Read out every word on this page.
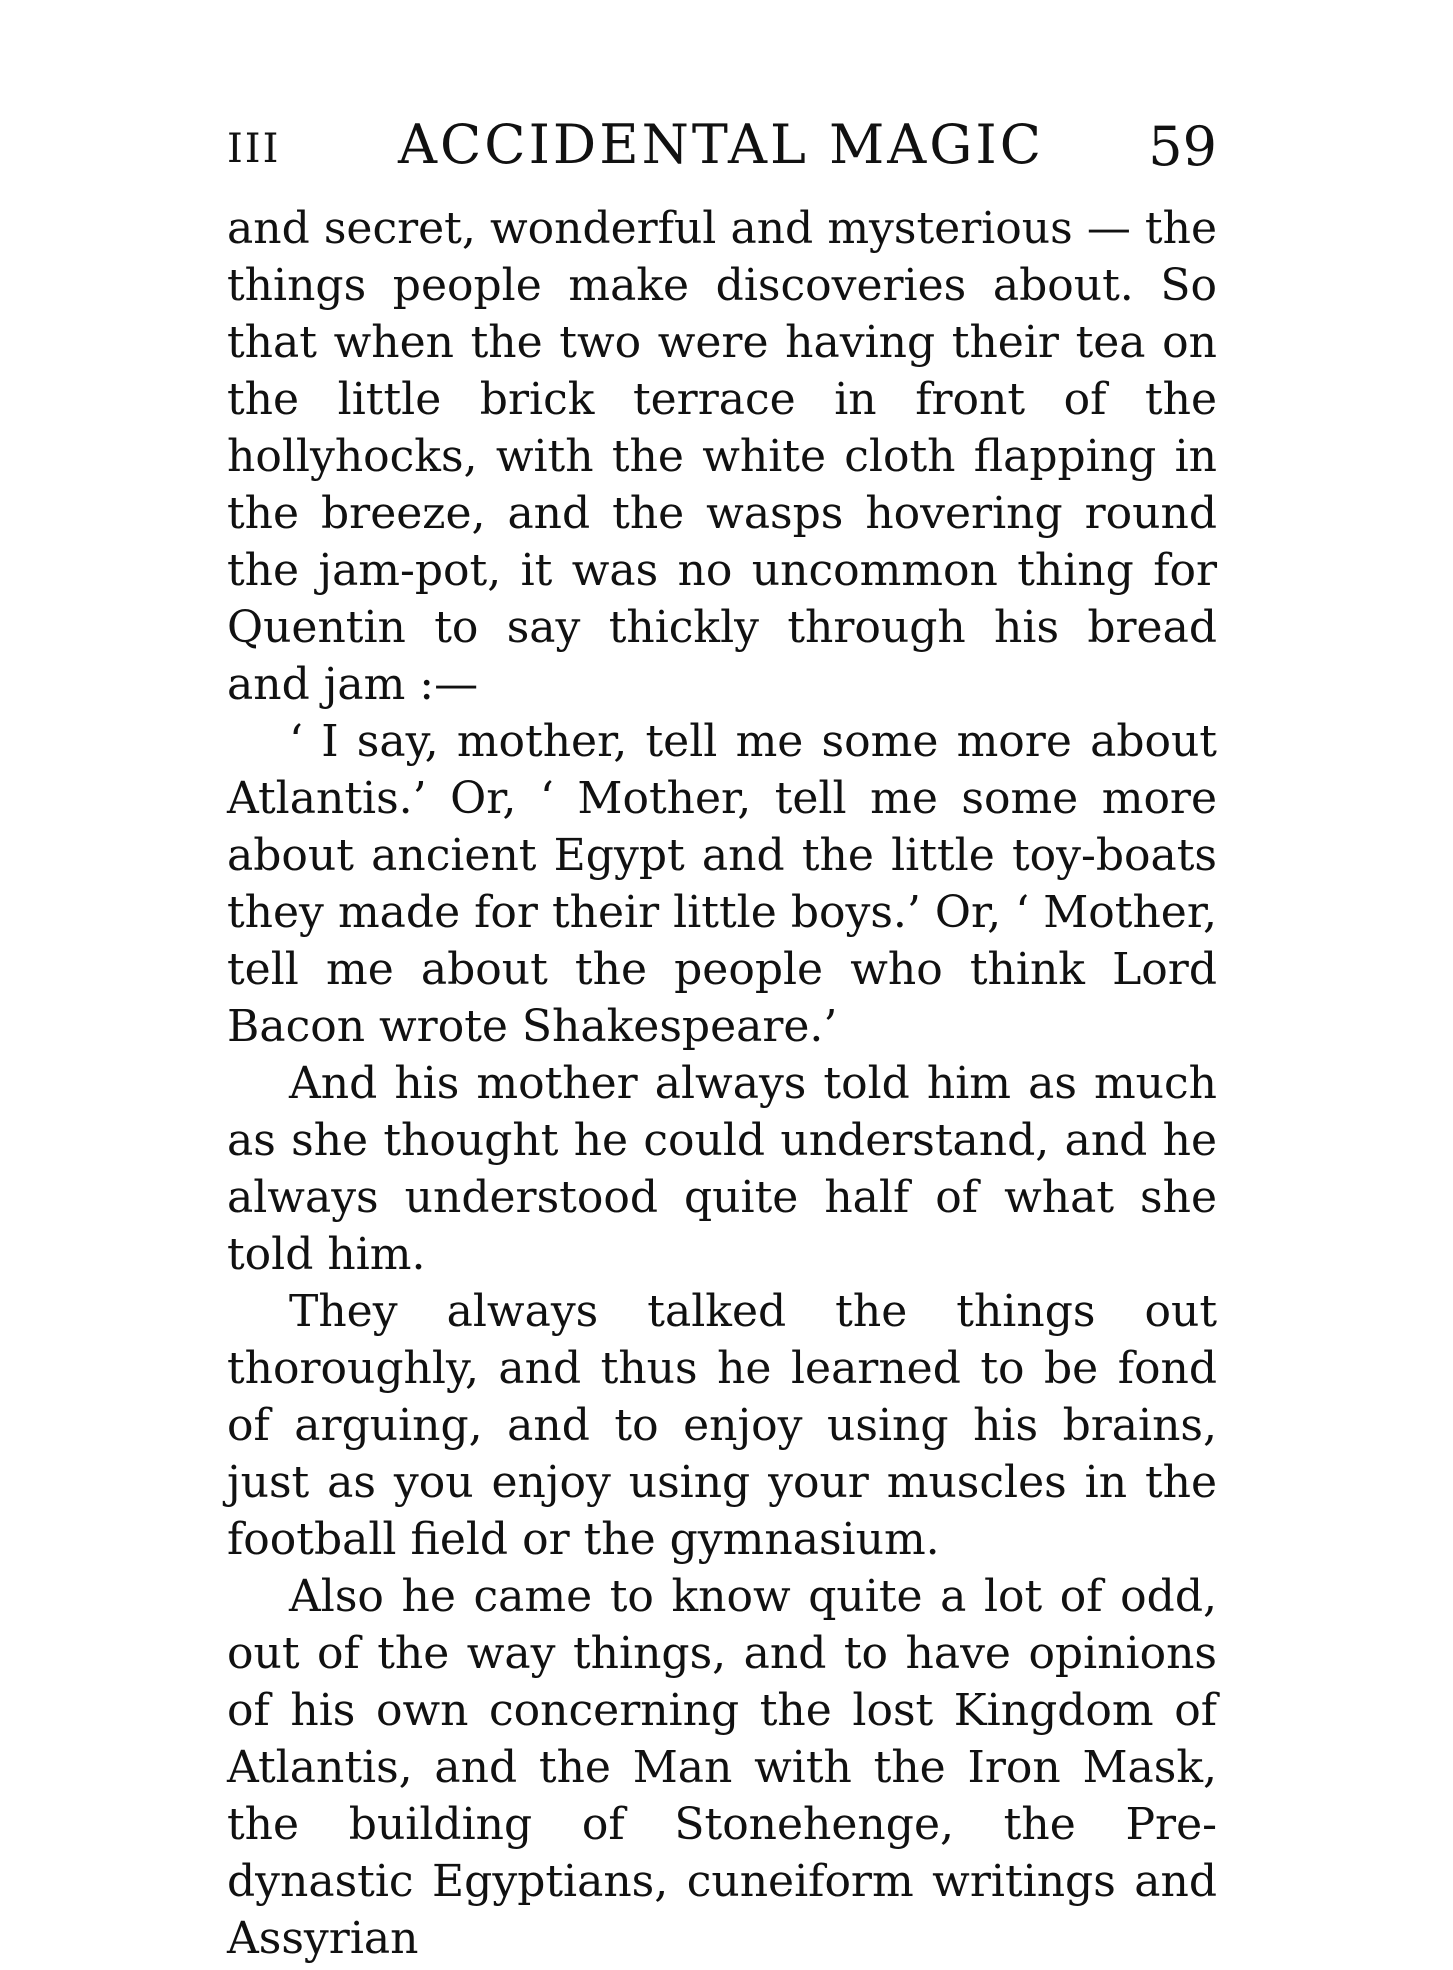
III	ACCIDENTAL MAGIC	59

and secret, wonderful and mysterious — the things people make discoveries about. So that when the two were having their tea on the little brick terrace in front of the hollyhocks, with the white cloth flapping in the breeze, and the wasps hovering round the jam-pot, it was no uncommon thing for Quentin to say thickly through his bread and jam :—

‘ I say, mother, tell me some more about Atlantis.’ Or, ‘ Mother, tell me some more about ancient Egypt and the little toy-boats they made for their little boys.’ Or, ‘ Mother, tell me about the people who think Lord Bacon wrote Shakespeare.’

And his mother always told him as much as she thought he could understand, and he always understood quite half of what she told him.

They always talked the things out thoroughly, and thus he learned to be fond of arguing, and to enjoy using his brains, just as you enjoy using your muscles in the football field or the gymnasium.

Also he came to know quite a lot of odd, out of the way things, and to have opinions of his own concerning the lost Kingdom of Atlantis, and the Man with the Iron Mask, the building of Stonehenge, the Pre-dynastic Egyptians, cuneiform writings and Assyrian
